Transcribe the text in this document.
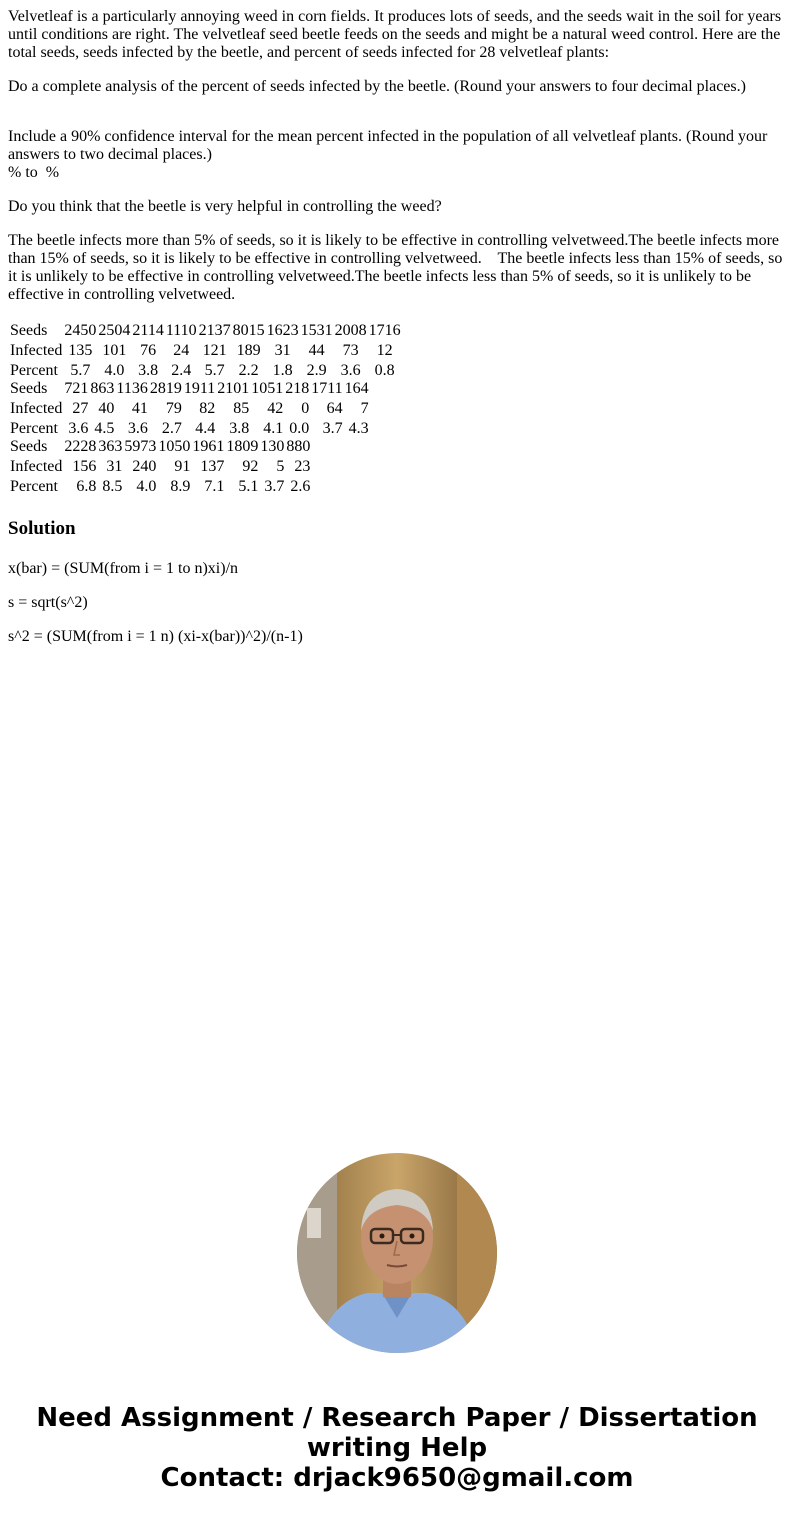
Velvetleaf is a particularly annoying weed in corn fields. It produces lots of seeds, and the seeds wait in the soil for years until conditions are right. The velvetleaf seed beetle feeds on the seeds and might be a natural weed control. Here are the total seeds, seeds infected by the beetle, and percent of seeds infected for 28 velvetleaf plants:

Do a complete analysis of the percent of seeds infected by the beetle. (Round your answers to four decimal places.)

Include a 90% confidence interval for the mean percent infected in the population of all velvetleaf plants. (Round your answers to two decimal places.)
% to  %

Do you think that the beetle is very helpful in controlling the weed?

The beetle infects more than 5% of seeds, so it is likely to be effective in controlling velvetweed.The beetle infects more than 15% of seeds, so it is likely to be effective in controlling velvetweed.    The beetle infects less than 15% of seeds, so it is unlikely to be effective in controlling velvetweed.The beetle infects less than 5% of seeds, so it is unlikely to be effective in controlling velvetweed.

Seeds	2450	2504	2114	1110	2137	8015	1623	1531	2008	1716
Infected	135	101	76	24	121	189	31	44	73	12
Percent	5.7	4.0	3.8	2.4	5.7	2.2	1.8	2.9	3.6	0.8
Seeds	721	863	1136	2819	1911	2101	1051	218	1711	164
Infected	27	40	41	79	82	85	42	0	64	7
Percent	3.6	4.5	3.6	2.7	4.4	3.8	4.1	0.0	3.7	4.3
Seeds	2228	363	5973	1050	1961	1809	130	880
Infected	156	31	240	91	137	92	5	23
Percent	6.8	8.5	4.0	8.9	7.1	5.1	3.7	2.6
Solution

x(bar) = (SUM(from i = 1 to n)xi)/n

s = sqrt(s^2)

s^2 = (SUM(from i = 1 n) (xi-x(bar))^2)/(n-1)

Need Assignment / Research Paper / Dissertation
writing Help
Contact: drjack9650@gmail.com
